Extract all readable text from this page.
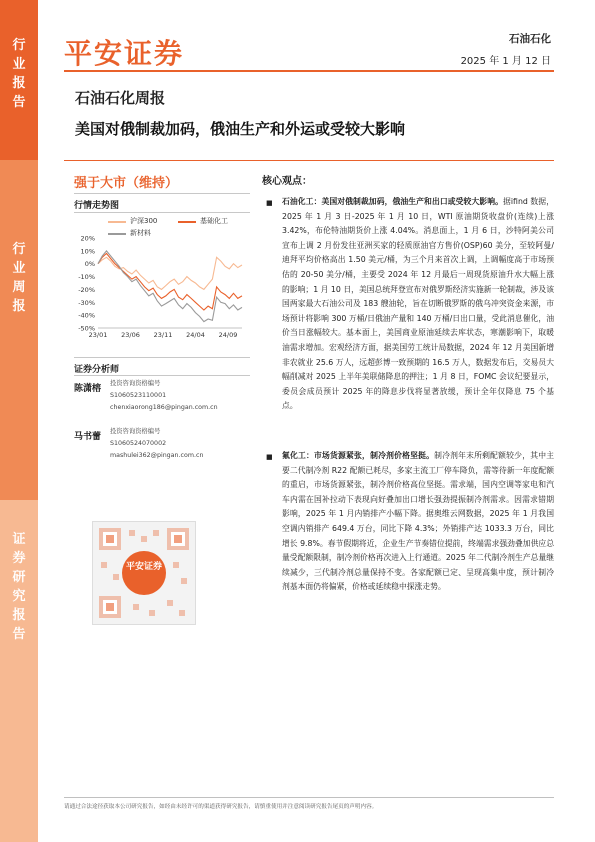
行
业
报
告
行
业
周
报
证
券
研
究
报
告
平安证券	石油石化
2025 年 1 月 12 日
石油石化周报
美国对俄制裁加码，俄油生产和外运或受较大影响
强于大市（维持）
行情走势图
沪深300	基础化工
新材料
20%
10%
0%
-10%
-20%
-30%
-40%
-50%
23/01 23/06 23/11 24/04 24/09
证券分析师
陈潇榕
投资咨询资格编号
S1060523110001
chenxiaorong186@pingan.com.cn
马书蕾
投资咨询资格编号
S1060524070002
mashulei362@pingan.com.cn
平安证券
核心观点：
■ 石油化工：美国对俄制裁加码，俄油生产和出口或受较大影响。据ifind 数据，2025 年 1 月 3 日-2025 年 1 月 10 日，WTI 原油期货收盘价(连续)上涨 3.42%，布伦特油期货价上涨 4.04%。消息面上，1 月 6 日，沙特阿美公司宣布上调 2 月份发往亚洲买家的轻质原油官方售价(OSP)60 美分，至较阿曼/迪拜平均价格高出 1.50 美元/桶，为三个月来首次上调，上调幅度高于市场预估的 20-50 美分/桶，主要受 2024 年 12 月最后一周现货原油升水大幅上涨的影响；1 月 10 日，美国总统拜登宣布对俄罗斯经济实施新一轮制裁，涉及该国两家最大石油公司及 183 艘油轮，旨在切断俄罗斯的俄乌冲突资金来源，市场预计将影响 300 万桶/日俄油产量和 140 万桶/日出口量，受此消息催化，油价当日涨幅较大。基本面上，美国商业原油延续去库状态，寒潮影响下，取暖油需求增加。宏观经济方面，据美国劳工统计局数据，2024 年 12 月美国新增非农就业 25.6 万人，远超彭博一致预期的 16.5 万人，数据发布后，交易员大幅削减对 2025 上半年美联储降息的押注；1 月 8 日，FOMC 会议纪要显示，委员会成员预计 2025 年的降息步伐将显著放缓，预计全年仅降息 75 个基点。
■ 氟化工：市场货源紧张，制冷剂价格坚挺。制冷剂年末所剩配额较少，其中主要二代制冷剂 R22 配额已耗尽，多家主流工厂停车降负，需等待新一年度配额的重启，市场货源紧张，制冷剂价格高位坚挺。需求端，国内空调等家电和汽车内需在国补拉动下表现向好叠加出口增长强劲提振制冷剂需求。因需求错期影响，2025 年 1 月内销排产小幅下降。据奥维云网数据，2025 年 1 月我国空调内销排产 649.4 万台，同比下降 4.3%；外销排产达 1033.3 万台，同比增长 9.8%。春节假期将近，企业生产节奏错位提前，终端需求强劲叠加供应总量受配额限制，制冷剂价格再次进入上行通道。2025 年二代制冷剂生产总量继续减少，三代制冷剂总量保持不变。各家配额已定、呈现高集中度，预计制冷剂基本面仍将偏紧，价格或延续稳中探涨走势。
请通过合法途径获取本公司研究报告，如经由未经许可的渠道获得研究报告，请慎重使用并注意阅读研究报告尾页的声明内容。
